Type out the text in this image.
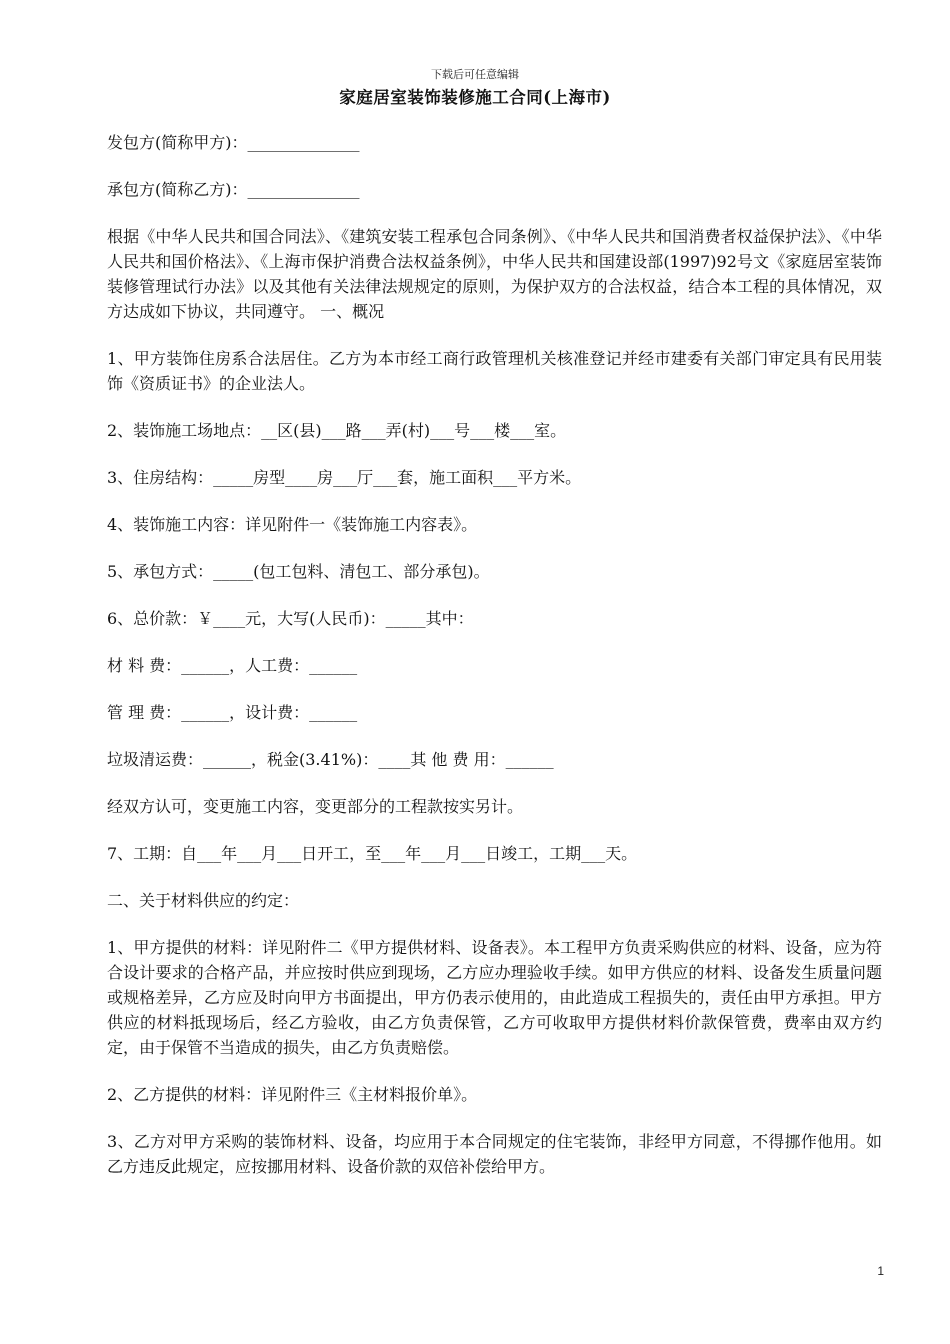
下载后可任意编辑
家庭居室装饰装修施工合同(上海市)

发包方(简称甲方)：______________

承包方(简称乙方)：______________

根据《中华人民共和国合同法》、《建筑安装工程承包合同条例》、《中华人民共和国消费者权益保护法》、《中华人民共和国价格法》、《上海市保护消费合法权益条例》，中华人民共和国建设部(1997)92号文《家庭居室装饰装修管理试行办法》以及其他有关法律法规规定的原则，为保护双方的合法权益，结合本工程的具体情况，双方达成如下协议，共同遵守。 一、概况

1、甲方装饰住房系合法居住。乙方为本市经工商行政管理机关核准登记并经市建委有关部门审定具有民用装饰《资质证书》的企业法人。

2、装饰施工场地点：__区(县)___路___弄(村)___号___楼___室。

3、住房结构：_____房型____房___厅___套，施工面积___平方米。

4、装饰施工内容：详见附件一《装饰施工内容表》。

5、承包方式：_____(包工包料、清包工、部分承包)。

6、总价款：￥____元，大写(人民币)：_____其中：

材 料 费：______，人工费：______

管 理 费：______，设计费：______

垃圾清运费：______，税金(3.41%)：____其 他 费 用：______

经双方认可，变更施工内容，变更部分的工程款按实另计。

7、工期：自___年___月___日开工，至___年___月___日竣工，工期___天。

二、关于材料供应的约定：

1、甲方提供的材料：详见附件二《甲方提供材料、设备表》。本工程甲方负责采购供应的材料、设备，应为符合设计要求的合格产品，并应按时供应到现场，乙方应办理验收手续。如甲方供应的材料、设备发生质量问题或规格差异，乙方应及时向甲方书面提出，甲方仍表示使用的，由此造成工程损失的，责任由甲方承担。甲方供应的材料抵现场后，经乙方验收，由乙方负责保管，乙方可收取甲方提供材料价款保管费，费率由双方约定，由于保管不当造成的损失，由乙方负责赔偿。

2、乙方提供的材料：详见附件三《主材料报价单》。

3、乙方对甲方采购的装饰材料、设备，均应用于本合同规定的住宅装饰，非经甲方同意，不得挪作他用。如乙方违反此规定，应按挪用材料、设备价款的双倍补偿给甲方。

1
